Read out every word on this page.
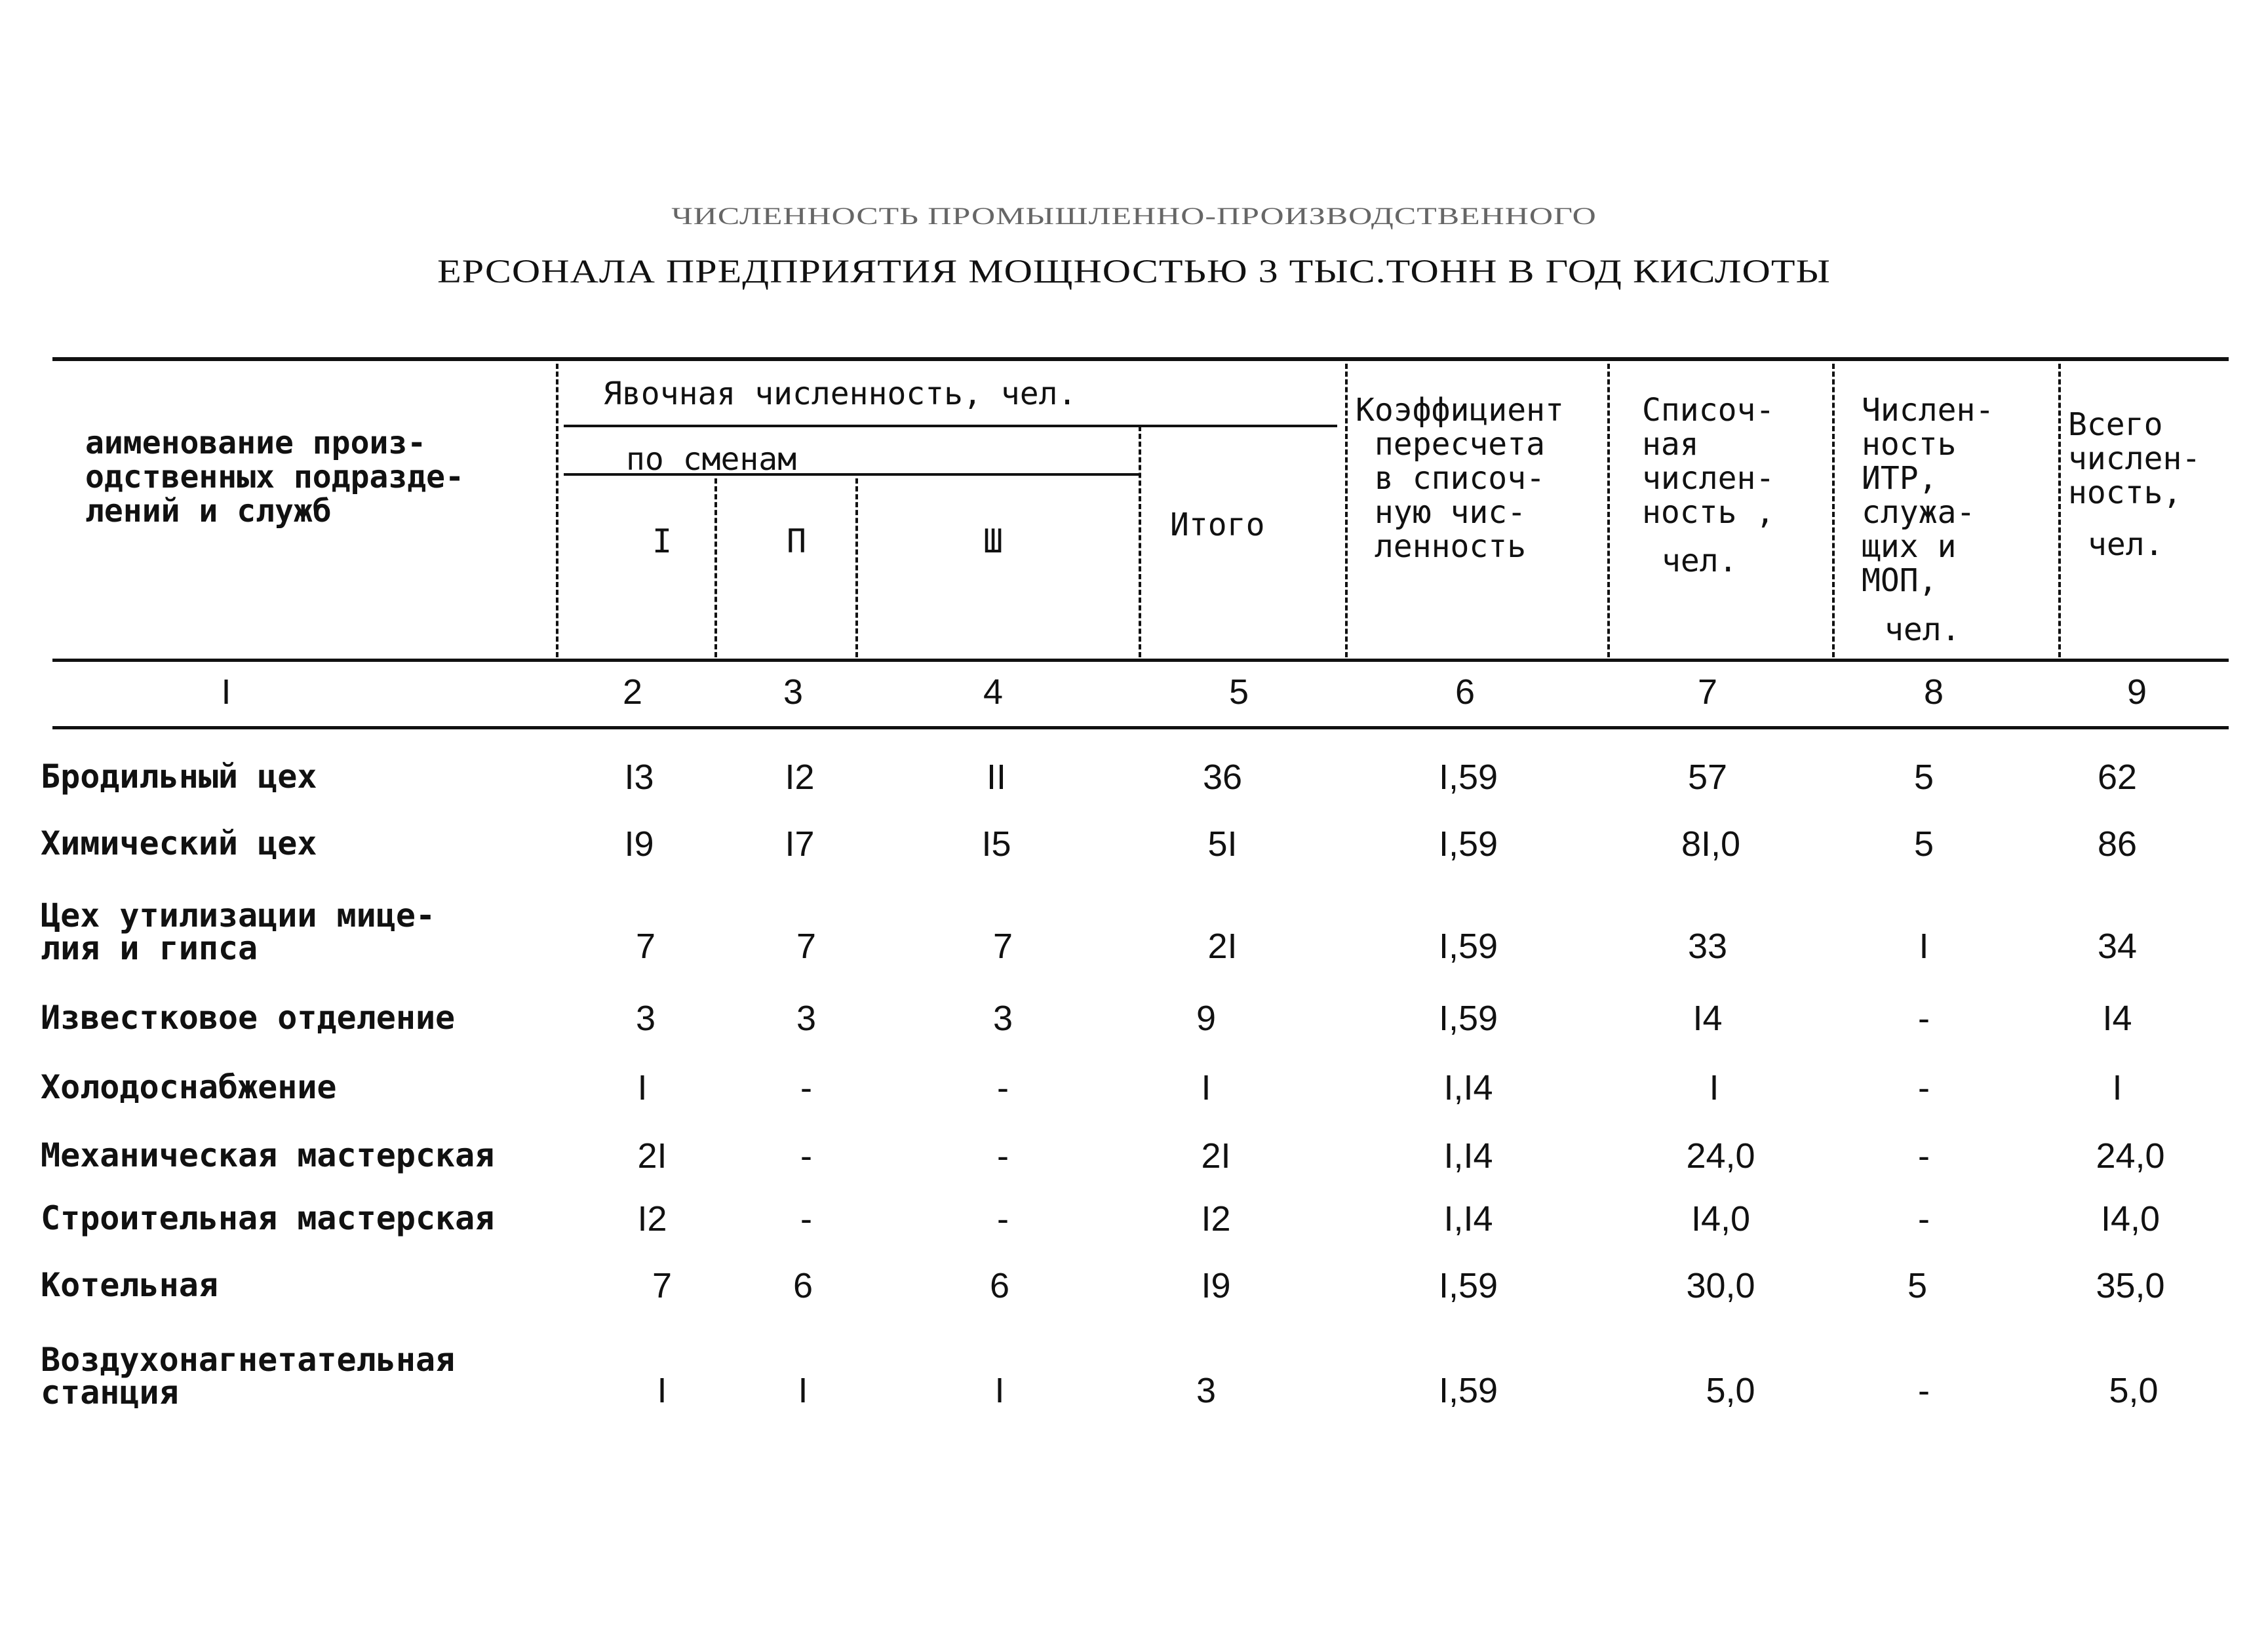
ЧИСЛЕННОСТЬ ПРОМЫШЛЕННО-ПРОИЗВОДСТВЕННОГО
ЕРСОНАЛА ПРЕДПРИЯТИЯ МОЩНОСТЬЮ 3 ТЫС.ТОНН В ГОД КИСЛОТЫ
аименование произ-
одственных подразде-
лений и служб
Явочная численность, чел.
по сменам
I	П	Ш	Итого
Коэффициент
пересчета
в списоч-
ную чис-
ленность
Списоч-
ная
числен-
ность ,
чел.
Числен-
ность
ИТР,
служа-
щих и
МОП,
чел.
Всего
числен-
ность,
чел.
I	2	3	4	5	6	7	8	9
Бродильный цех	I3	I2	II	36	I,59	57	5	62
Химический цех	I9	I7	I5	5I	I,59	8I,0	5	86
Цех утилизации мице-
лия и гипса	7	7	7	2I	I,59	33	I	34
Известковое отделение	3	3	3	9	I,59	I4	-	I4
Холодоснабжение	I	-	-	I	I,I4	I	-	I
Механическая мастерская	2I	-	-	2I	I,I4	24,0	-	24,0
Строительная мастерская	I2	-	-	I2	I,I4	I4,0	-	I4,0
Котельная	7	6	6	I9	I,59	30,0	5	35,0
Воздухонагнетательная
станция	I	I	I	3	I,59	5,0	-	5,0
